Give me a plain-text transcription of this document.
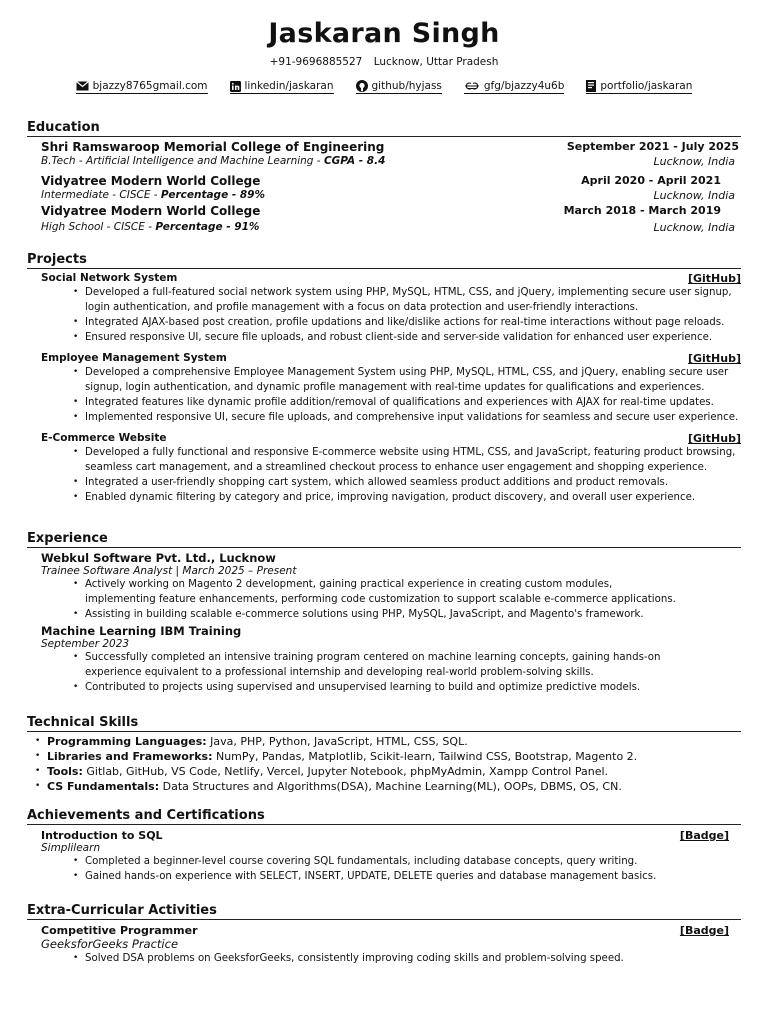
Jaskaran Singh
+91-9696885527 Lucknow, Uttar Pradesh
bjazzy8765gmail.com	linkedin/jaskaran	github/hyjass	gfg/bjazzy4u6b	portfolio/jaskaran
Education
Shri Ramswaroop Memorial College of Engineering	September 2021 - July 2025
B.Tech - Artificial Intelligence and Machine Learning - CGPA - 8.4	Lucknow, India
Vidyatree Modern World College	April 2020 - April 2021
Intermediate - CISCE - Percentage - 89%	Lucknow, India
Vidyatree Modern World College	March 2018 - March 2019
High School - CISCE - Percentage - 91%	Lucknow, India
Projects
Social Network System	[GitHub]
• Developed a full-featured social network system using PHP, MySQL, HTML, CSS, and jQuery, implementing secure user signup,
login authentication, and profile management with a focus on data protection and user-friendly interactions.
• Integrated AJAX-based post creation, profile updations and like/dislike actions for real-time interactions without page reloads.
• Ensured responsive UI, secure file uploads, and robust client-side and server-side validation for enhanced user experience.
Employee Management System	[GitHub]
• Developed a comprehensive Employee Management System using PHP, MySQL, HTML, CSS, and jQuery, enabling secure user
signup, login authentication, and dynamic profile management with real-time updates for qualifications and experiences.
• Integrated features like dynamic profile addition/removal of qualifications and experiences with AJAX for real-time updates.
• Implemented responsive UI, secure file uploads, and comprehensive input validations for seamless and secure user experience.
E-Commerce Website	[GitHub]
• Developed a fully functional and responsive E-commerce website using HTML, CSS, and JavaScript, featuring product browsing,
seamless cart management, and a streamlined checkout process to enhance user engagement and shopping experience.
• Integrated a user-friendly shopping cart system, which allowed seamless product additions and product removals.
• Enabled dynamic filtering by category and price, improving navigation, product discovery, and overall user experience.
Experience
Webkul Software Pvt. Ltd., Lucknow
Trainee Software Analyst | March 2025 – Present
• Actively working on Magento 2 development, gaining practical experience in creating custom modules,
implementing feature enhancements, performing code customization to support scalable e-commerce applications.
• Assisting in building scalable e-commerce solutions using PHP, MySQL, JavaScript, and Magento's framework.
Machine Learning IBM Training
September 2023
• Successfully completed an intensive training program centered on machine learning concepts, gaining hands-on
experience equivalent to a professional internship and developing real-world problem-solving skills.
• Contributed to projects using supervised and unsupervised learning to build and optimize predictive models.
Technical Skills
• Programming Languages: Java, PHP, Python, JavaScript, HTML, CSS, SQL.
• Libraries and Frameworks: NumPy, Pandas, Matplotlib, Scikit-learn, Tailwind CSS, Bootstrap, Magento 2.
• Tools: Gitlab, GitHub, VS Code, Netlify, Vercel, Jupyter Notebook, phpMyAdmin, Xampp Control Panel.
• CS Fundamentals: Data Structures and Algorithms(DSA), Machine Learning(ML), OOPs, DBMS, OS, CN.
Achievements and Certifications
Introduction to SQL	[Badge]
Simplilearn
• Completed a beginner-level course covering SQL fundamentals, including database concepts, query writing.
• Gained hands-on experience with SELECT, INSERT, UPDATE, DELETE queries and database management basics.
Extra-Curricular Activities
Competitive Programmer	[Badge]
GeeksforGeeks Practice
• Solved DSA problems on GeeksforGeeks, consistently improving coding skills and problem-solving speed.
